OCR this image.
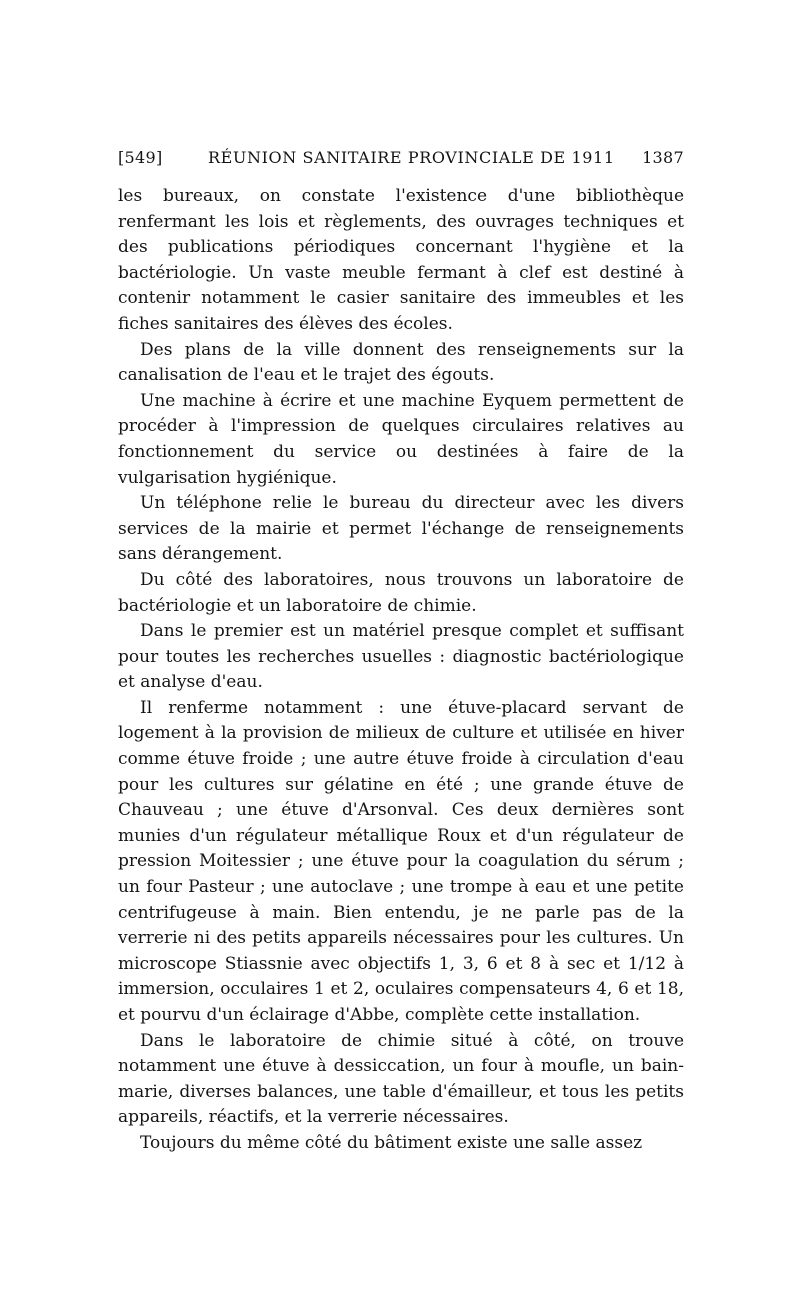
[549]	RÉUNION SANITAIRE PROVINCIALE DE 1911 1387

les bureaux, on constate l'existence d'une bibliothèque renfermant les lois et règlements, des ouvrages techniques et des publications périodiques concernant l'hygiène et la bactériologie. Un vaste meuble fermant à clef est destiné à contenir notamment le casier sanitaire des immeubles et les fiches sanitaires des élèves des écoles.

Des plans de la ville donnent des renseignements sur la canalisation de l'eau et le trajet des égouts.

Une machine à écrire et une machine Eyquem permettent de procéder à l'impression de quelques circulaires relatives au fonctionnement du service ou destinées à faire de la vulgarisation hygiénique.

Un téléphone relie le bureau du directeur avec les divers services de la mairie et permet l'échange de renseignements sans dérangement.

Du côté des laboratoires, nous trouvons un laboratoire de bactériologie et un laboratoire de chimie.

Dans le premier est un matériel presque complet et suffisant pour toutes les recherches usuelles : diagnostic bactériologique et analyse d'eau.

Il renferme notamment : une étuve-placard servant de logement à la provision de milieux de culture et utilisée en hiver comme étuve froide ; une autre étuve froide à circulation d'eau pour les cultures sur gélatine en été ; une grande étuve de Chauveau ; une étuve d'Arsonval. Ces deux dernières sont munies d'un régulateur métallique Roux et d'un régulateur de pression Moitessier ; une étuve pour la coagulation du sérum ; un four Pasteur ; une autoclave ; une trompe à eau et une petite centrifugeuse à main. Bien entendu, je ne parle pas de la verrerie ni des petits appareils nécessaires pour les cultures. Un microscope Stiassnie avec objectifs 1, 3, 6 et 8 à sec et 1/12 à immersion, occulaires 1 et 2, oculaires compensateurs 4, 6 et 18, et pourvu d'un éclairage d'Abbe, complète cette installation.

Dans le laboratoire de chimie situé à côté, on trouve notamment une étuve à dessiccation, un four à moufle, un bain-marie, diverses balances, une table d'émailleur, et tous les petits appareils, réactifs, et la verrerie nécessaires.

Toujours du même côté du bâtiment existe une salle assez
